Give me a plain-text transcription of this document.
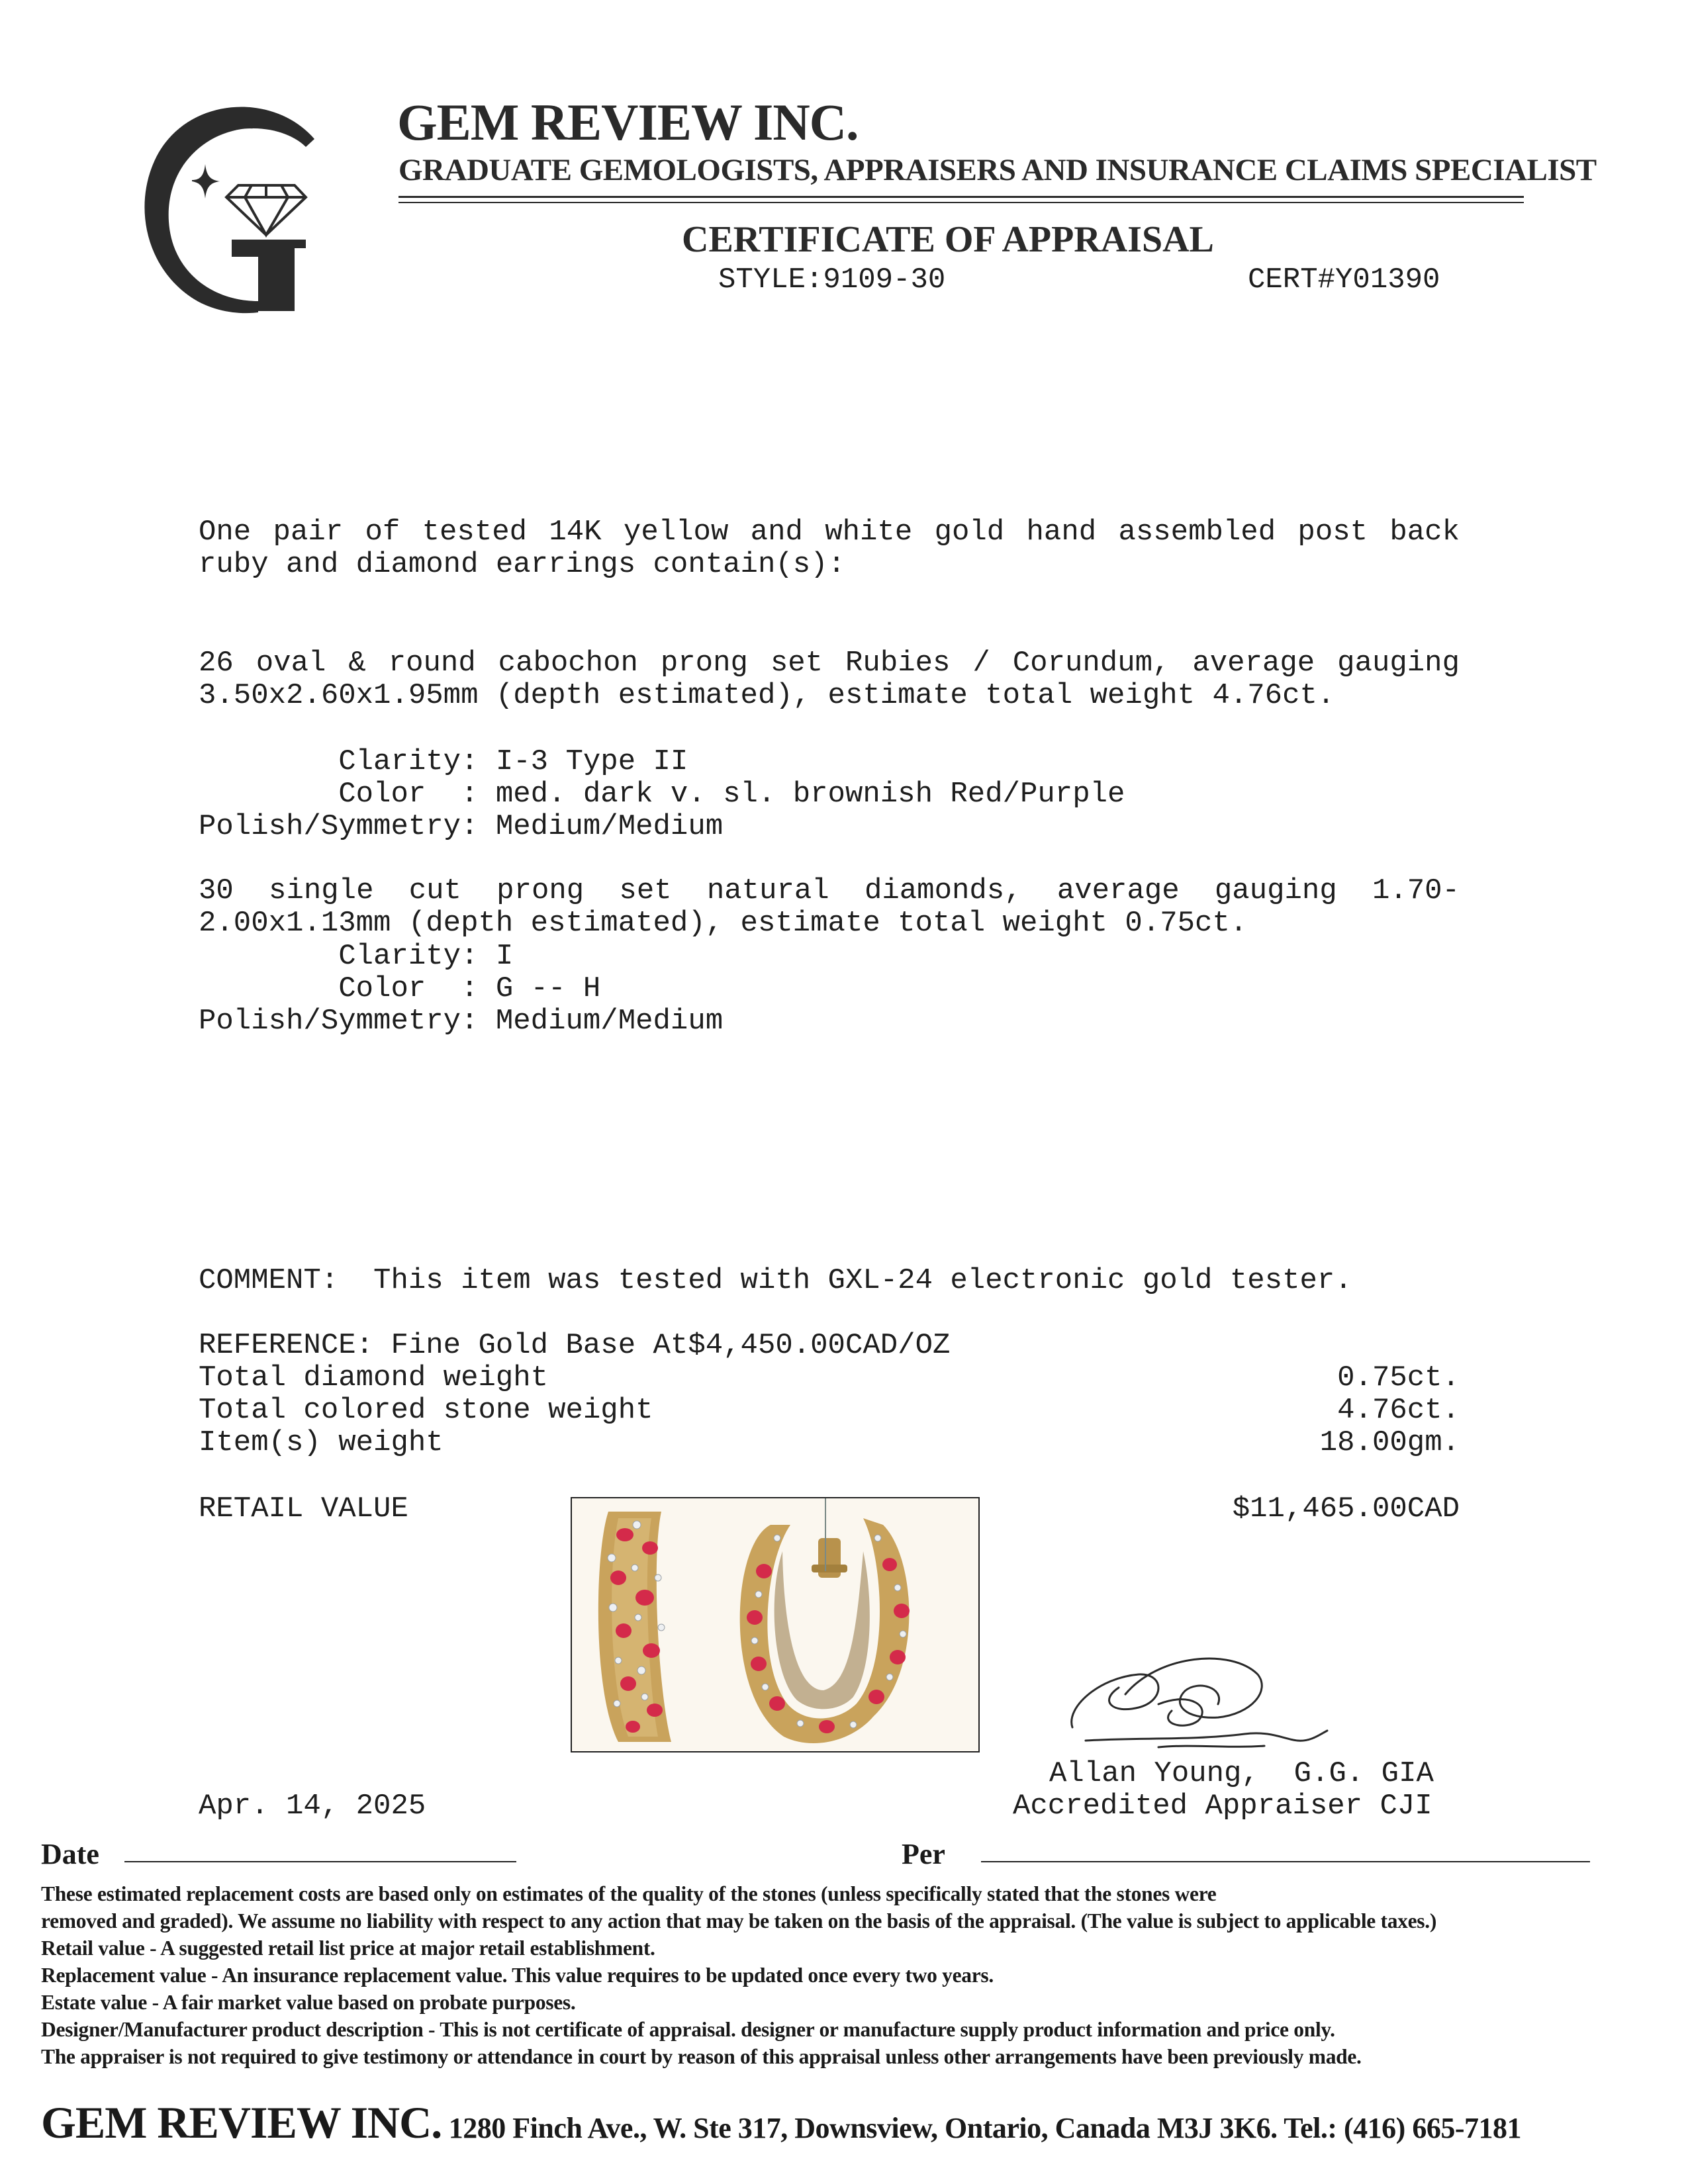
GEM REVIEW INC.
GRADUATE GEMOLOGISTS, APPRAISERS AND INSURANCE CLAIMS SPECIALIST
CERTIFICATE OF APPRAISAL
STYLE:9109-30	CERT#Y01390
One pair of tested 14K yellow and white gold hand assembled post back ruby and diamond earrings contain(s):
26 oval & round cabochon prong set Rubies / Corundum, average gauging 3.50x2.60x1.95mm (depth estimated), estimate total weight 4.76ct.
Clarity: I-3 Type II
Color  : med. dark v. sl. brownish Red/Purple
Polish/Symmetry: Medium/Medium
30 single cut prong set natural diamonds, average gauging 1.70-2.00x1.13mm (depth estimated), estimate total weight 0.75ct.
Clarity: I
Color  : G -- H
Polish/Symmetry: Medium/Medium
COMMENT:  This item was tested with GXL-24 electronic gold tester.
REFERENCE: Fine Gold Base At$4,450.00CAD/OZ
Total diamond weight	0.75ct.
Total colored stone weight	4.76ct.
Item(s) weight	18.00gm.
RETAIL VALUE	$11,465.00CAD
Allan Young,  G.G. GIA
Apr. 14, 2025	Accredited Appraiser CJI
Date	Per
These estimated replacement costs are based only on estimates of the quality of the stones (unless specifically stated that the stones were
removed and graded). We assume no liability with respect to any action that may be taken on the basis of the appraisal. (The value is subject to applicable taxes.)
Retail value - A suggested retail list price at major retail establishment.
Replacement value - An insurance replacement value. This value requires to be updated once every two years.
Estate value - A fair market value based on probate purposes.
Designer/Manufacturer product description - This is not certificate of appraisal. designer or manufacture supply product information and price only.
The appraiser is not required to give testimony or attendance in court by reason of this appraisal unless other arrangements have been previously made.
GEM REVIEW INC. 1280 Finch Ave., W. Ste 317, Downsview, Ontario, Canada M3J 3K6. Tel.: (416) 665-7181
